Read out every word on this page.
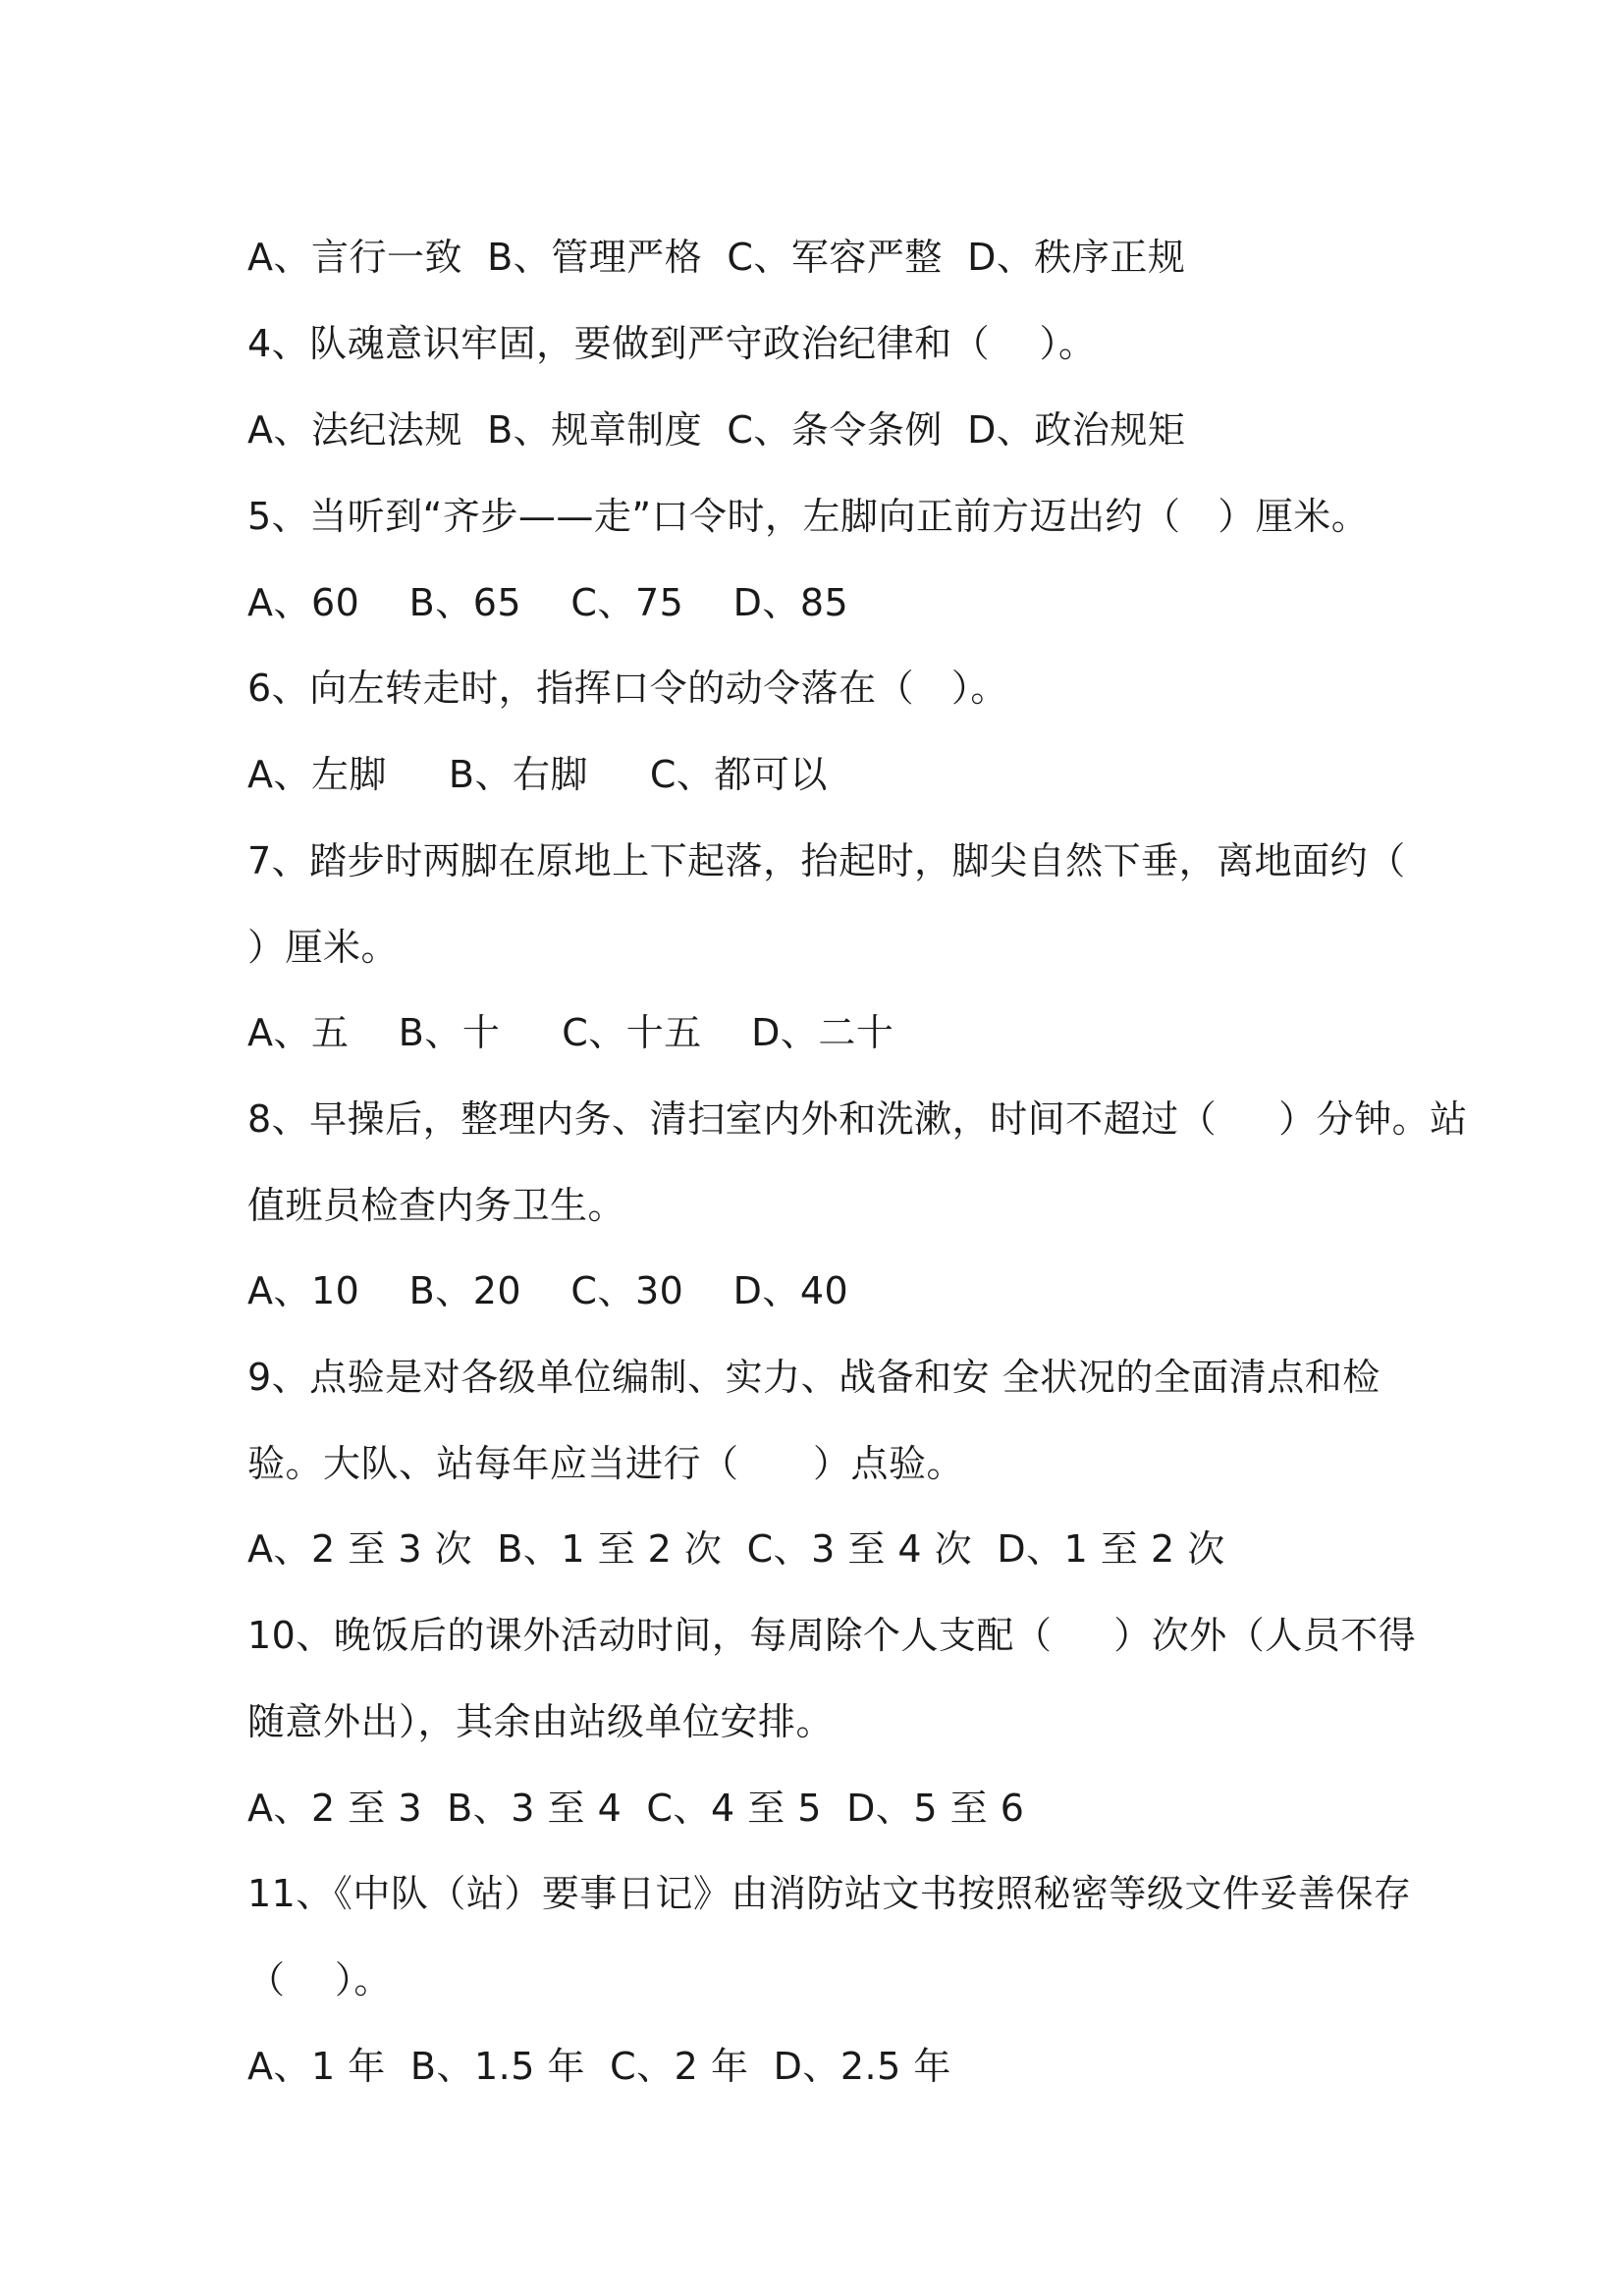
A、言行一致  B、管理严格  C、军容严整  D、秩序正规
4、队魂意识牢固，要做到严守政治纪律和（    ）。
A、法纪法规  B、规章制度  C、条令条例  D、政治规矩
5、当听到“齐步——走”口令时，左脚向正前方迈出约（   ）厘米。
A、60    B、65    C、75    D、85
6、向左转走时，指挥口令的动令落在（   ）。
A、左脚     B、右脚     C、都可以
7、踏步时两脚在原地上下起落，抬起时，脚尖自然下垂，离地面约（
）厘米。
A、五    B、十     C、十五    D、二十
8、早操后，整理内务、清扫室内外和洗漱，时间不超过（     ）分钟。站
值班员检查内务卫生。
A、10    B、20    C、30    D、40
9、点验是对各级单位编制、实力、战备和安 全状况的全面清点和检
验。大队、站每年应当进行（      ）点验。
A、2 至 3 次  B、1 至 2 次  C、3 至 4 次  D、1 至 2 次
10、晚饭后的课外活动时间，每周除个人支配（     ）次外（人员不得
随意外出），其余由站级单位安排。
A、2 至 3  B、3 至 4  C、4 至 5  D、5 至 6
11、《中队（站）要事日记》由消防站文书按照秘密等级文件妥善保存
（    ）。
A、1 年  B、1.5 年  C、2 年  D、2.5 年
